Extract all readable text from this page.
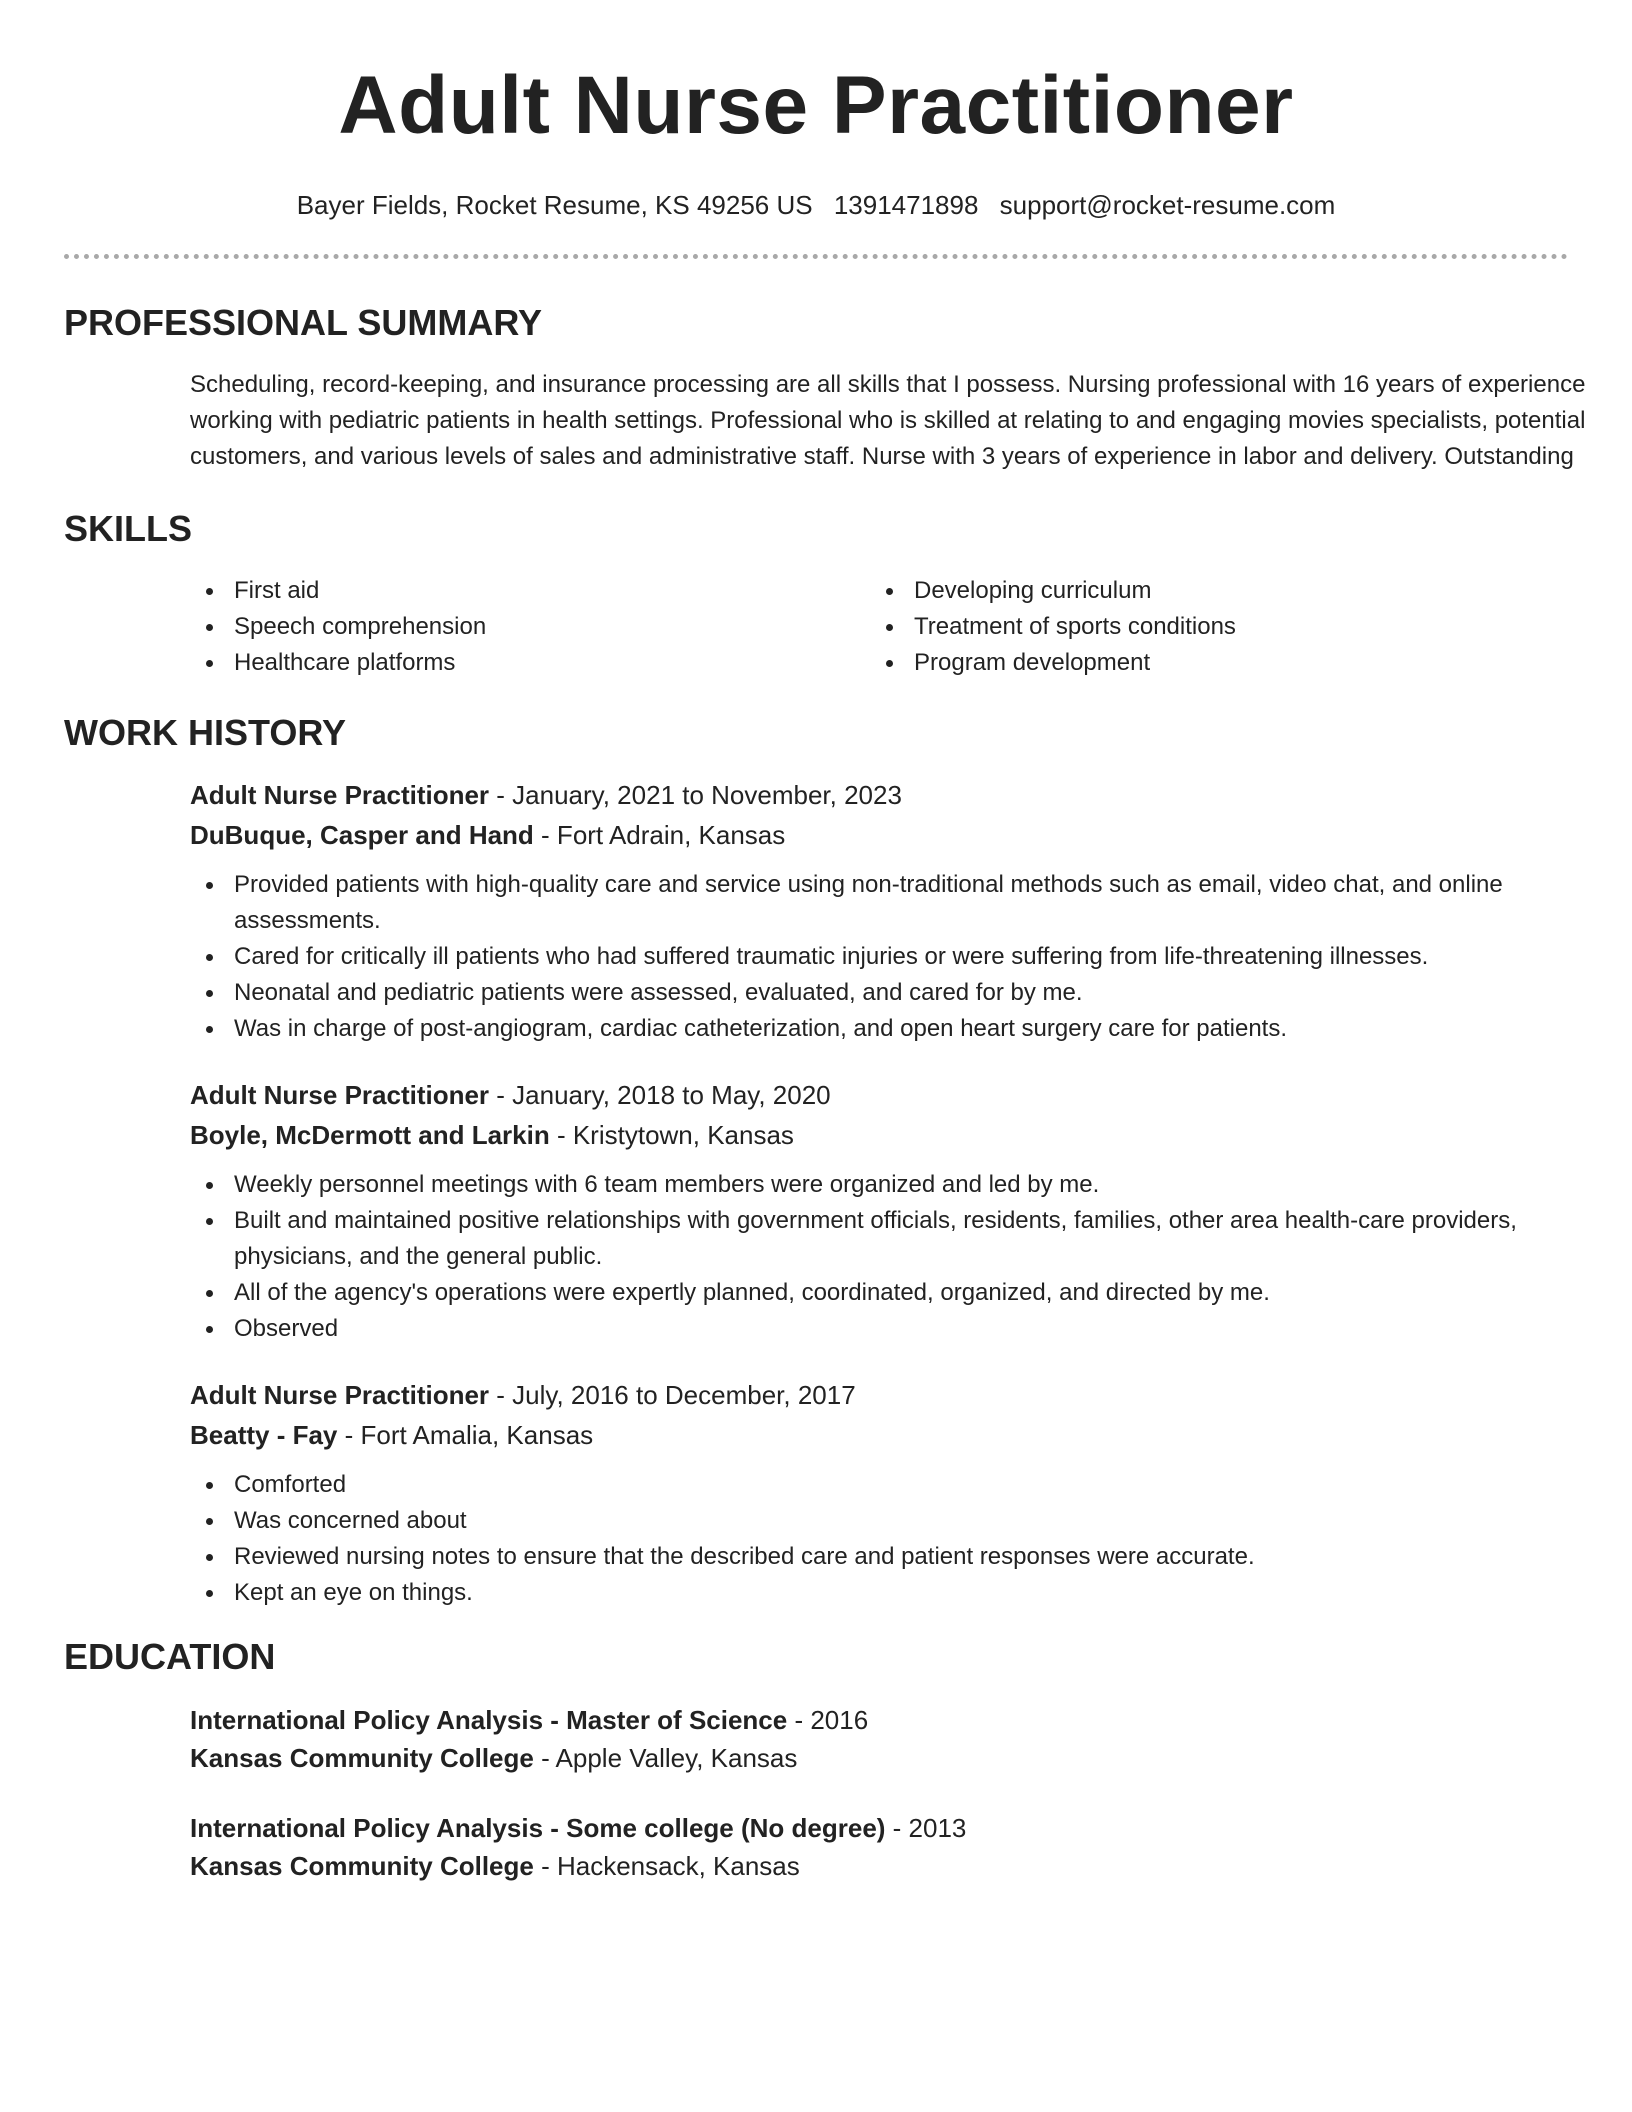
Adult Nurse Practitioner
Bayer Fields, Rocket Resume, KS 49256 US 1391471898 support@rocket-resume.com
PROFESSIONAL SUMMARY

Scheduling, record-keeping, and insurance processing are all skills that I possess. Nursing professional with 16 years of experience working with pediatric patients in health settings. Professional who is skilled at relating to and engaging movies specialists, potential customers, and various levels of sales and administrative staff. Nurse with 3 years of experience in labor and delivery. Outstanding

SKILLS
First aid
Speech comprehension
Healthcare platforms
Developing curriculum
Treatment of sports conditions
Program development
WORK HISTORY
Adult Nurse Practitioner - January, 2021 to November, 2023
DuBuque, Casper and Hand - Fort Adrain, Kansas
Provided patients with high-quality care and service using non-traditional methods such as email, video chat, and online assessments.
Cared for critically ill patients who had suffered traumatic injuries or were suffering from life-threatening illnesses.
Neonatal and pediatric patients were assessed, evaluated, and cared for by me.
Was in charge of post-angiogram, cardiac catheterization, and open heart surgery care for patients.
Adult Nurse Practitioner - January, 2018 to May, 2020
Boyle, McDermott and Larkin - Kristytown, Kansas
Weekly personnel meetings with 6 team members were organized and led by me.
Built and maintained positive relationships with government officials, residents, families, other area health-care providers, physicians, and the general public.
All of the agency's operations were expertly planned, coordinated, organized, and directed by me.
Observed
Adult Nurse Practitioner - July, 2016 to December, 2017
Beatty - Fay - Fort Amalia, Kansas
Comforted
Was concerned about
Reviewed nursing notes to ensure that the described care and patient responses were accurate.
Kept an eye on things.
EDUCATION
International Policy Analysis - Master of Science - 2016
Kansas Community College - Apple Valley, Kansas
International Policy Analysis - Some college (No degree) - 2013
Kansas Community College - Hackensack, Kansas
